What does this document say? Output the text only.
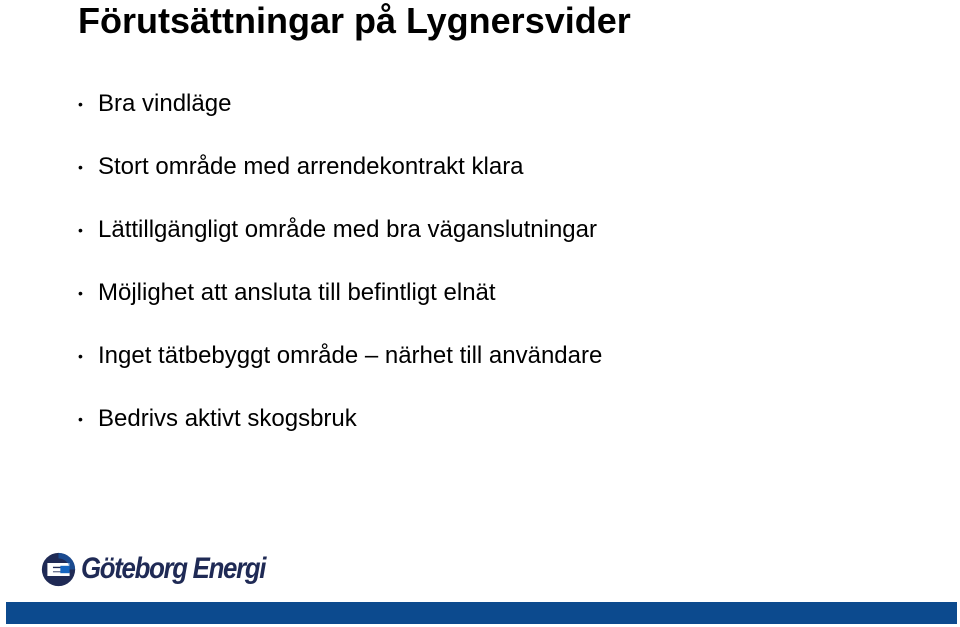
Förutsättningar på Lygnersvider
• Bra vindläge
• Stort område med arrendekontrakt klara
• Lättillgängligt område med bra väganslutningar
• Möjlighet att ansluta till befintligt elnät
• Inget tätbebyggt område – närhet till användare
• Bedrivs aktivt skogsbruk
Göteborg Energi
